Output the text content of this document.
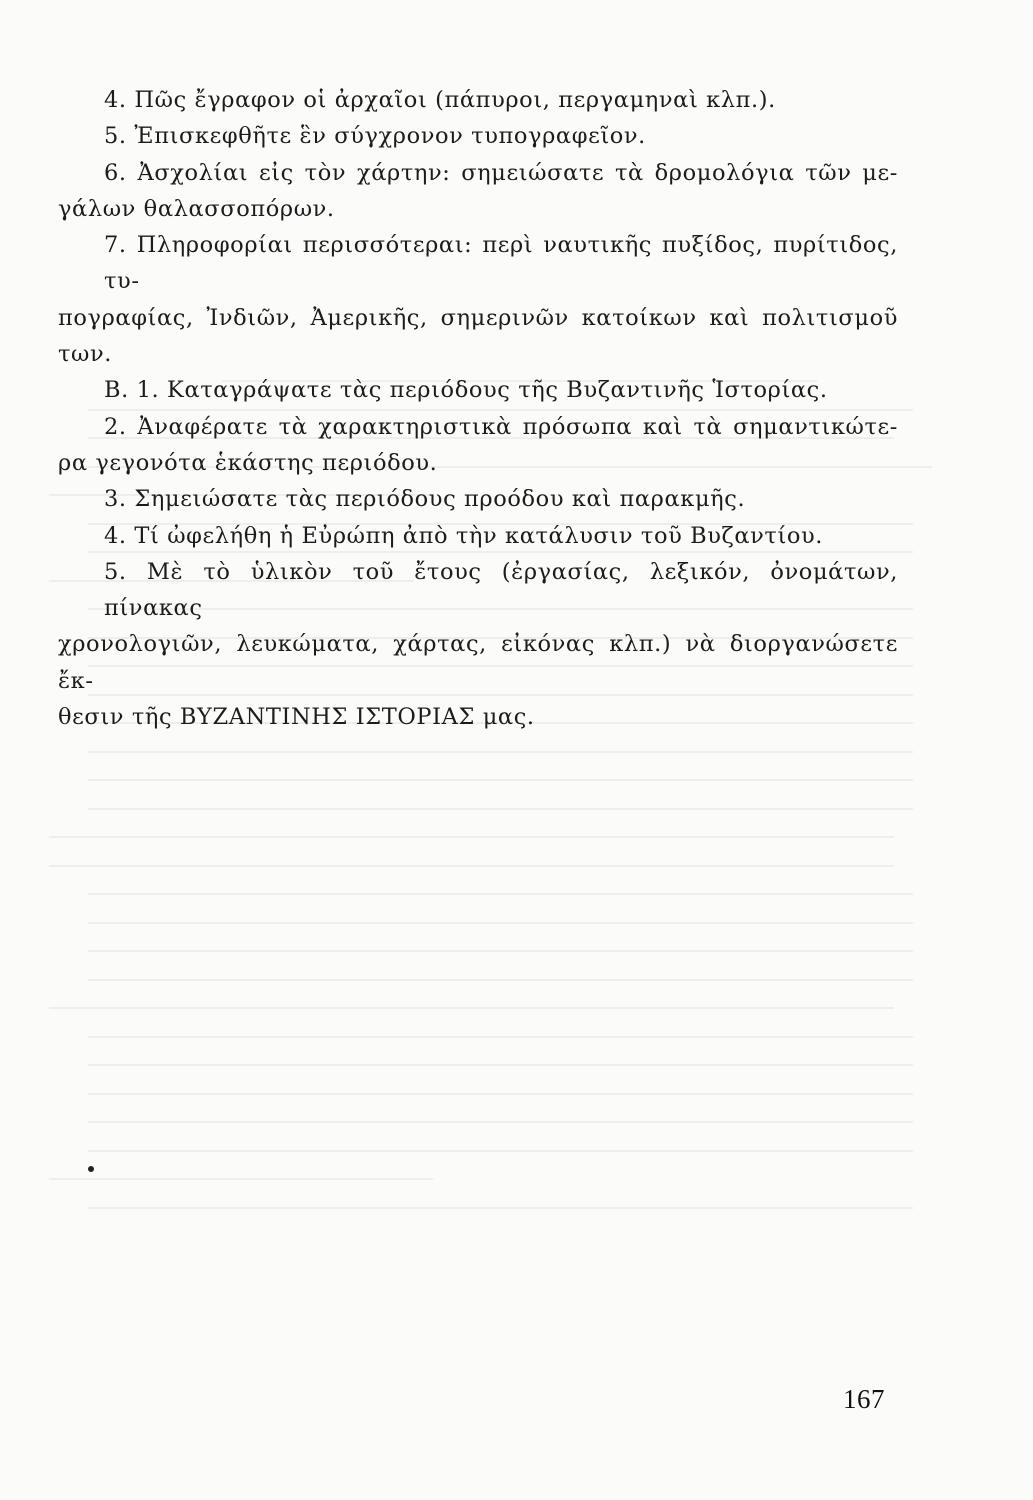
4. Πῶς ἔγραφον οἱ ἀρχαῖοι (πάπυροι, περγαμηναὶ κλπ.).
5. Ἐπισκεφθῆτε ἓν σύγχρονον τυπογραφεῖον.
6. Ἀσχολίαι εἰς τὸν χάρτην: σημειώσατε τὰ δρομολόγια τῶν με-
γάλων θαλασσοπόρων.
7. Πληροφορίαι περισσότεραι: περὶ ναυτικῆς πυξίδος, πυρίτιδος, τυ-
πογραφίας, Ἰνδιῶν, Ἀμερικῆς, σημερινῶν κατοίκων καὶ πολιτισμοῦ
των.
Β. 1. Καταγράψατε τὰς περιόδους τῆς Βυζαντινῆς Ἱστορίας.
2. Ἀναφέρατε τὰ χαρακτηριστικὰ πρόσωπα καὶ τὰ σημαντικώτε-
ρα γεγονότα ἑκάστης περιόδου.
3. Σημειώσατε τὰς περιόδους προόδου καὶ παρακμῆς.
4. Τί ὠφελήθη ἡ Εὐρώπη ἀπὸ τὴν κατάλυσιν τοῦ Βυζαντίου.
5. Μὲ τὸ ὑλικὸν τοῦ ἔτους (ἐργασίας, λεξικόν, ὀνομάτων, πίνακας
χρονολογιῶν, λευκώματα, χάρτας, εἰκόνας κλπ.) νὰ διοργανώσετε ἔκ-
θεσιν τῆς ΒΥΖΑΝΤΙΝΗΣ ΙΣΤΟΡΙΑΣ μας.
167
